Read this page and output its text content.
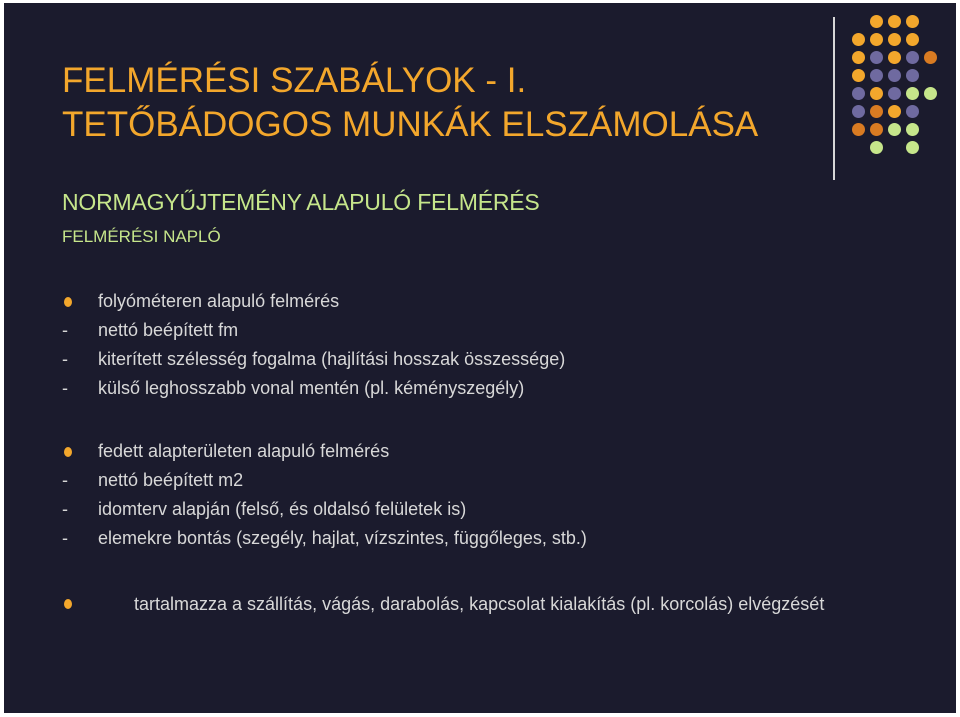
FELMÉRÉSI SZABÁLYOK - I.
TETŐBÁDOGOS MUNKÁK ELSZÁMOLÁSA
NORMAGYŰJTEMÉNY ALAPULÓ FELMÉRÉS
FELMÉRÉSI NAPLÓ
folyóméteren alapuló felmérés
-	nettó beépített fm
-	kiterített szélesség fogalma (hajlítási hosszak összessége)
-	külső leghosszabb vonal mentén (pl. kéményszegély)
fedett alapterületen alapuló felmérés
-	nettó beépített m2
-	idomterv alapján (felső, és oldalsó felületek is)
-	elemekre bontás (szegély, hajlat, vízszintes, függőleges, stb.)
tartalmazza a szállítás, vágás, darabolás, kapcsolat kialakítás (pl. korcolás) elvégzését
